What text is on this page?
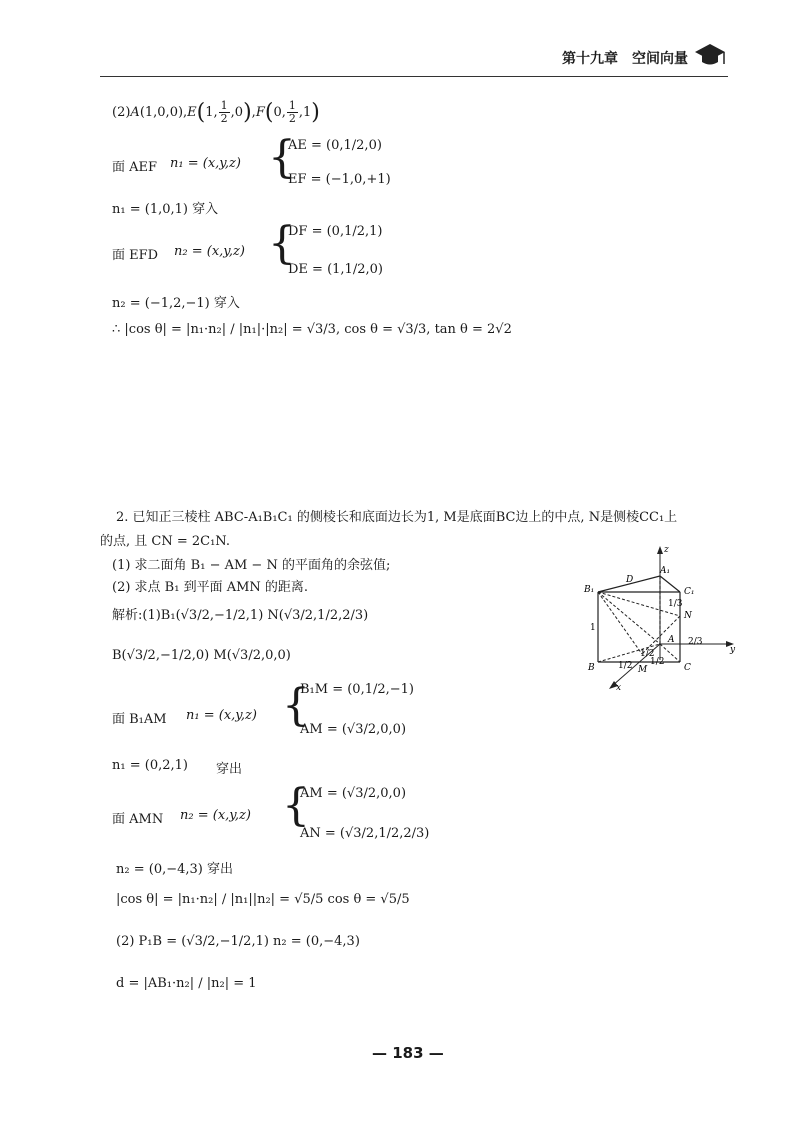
第十九章 空间向量
(2)A(1,0,0),E(1, $\frac{1}{2} ,0),F(0$, $\frac{1}{2} ,1$)
面 AEF n₁ = (x,y,z) {
AE = (0,1/2,0)
EF = (−1,0,+1)
n₁ = (1,0,1) 穿入
面 EFD n₂ = (x,y,z) {
DF = (0,1/2,1)
DE = (1,1/2,0)
n₂ = (−1,2,−1) 穿入
∴ |cos θ| = |n₁·n₂| / |n₁|·|n₂| = √3/3, cos θ = √3/3, tan θ = 2√2
2. 已知正三棱柱 ABC-A₁B₁C₁ 的侧棱长和底面边长为1, M是底面BC边上的中点, N是侧棱CC₁上
的点, 且 CN = 2C₁N.
(1) 求二面角 B₁ − AM − N 的平面角的余弦值;
(2) 求点 B₁ 到平面 AMN 的距离.
解析:(1)B₁(√3/2,−1/2,1) N(√3/2,1/2,2/3)
B(√3/2,−1/2,0) M(√3/2,0,0)
面 B₁AM n₁ = (x,y,z) {
B₁M = (0,1/2,−1)
AM = (√3/2,0,0)
n₁ = (0,2,1) 穿出
面 AMN n₂ = (x,y,z) {
AM = (√3/2,0,0)
AN = (√3/2,1/2,2/3)
n₂ = (0,−4,3) 穿出
|cos θ| = |n₁·n₂| / |n₁||n₂| = √5/5 cos θ = √5/5
(2) P₁B = (√3/2,−1/2,1) n₂ = (0,−4,3)
d = |AB₁·n₂| / |n₂| = 1
z
y
x
A₁
B₁	C₁
D
A
B	C
M
N
1
1/3
2/3
1/2 1/2
1/2
— 183 —
